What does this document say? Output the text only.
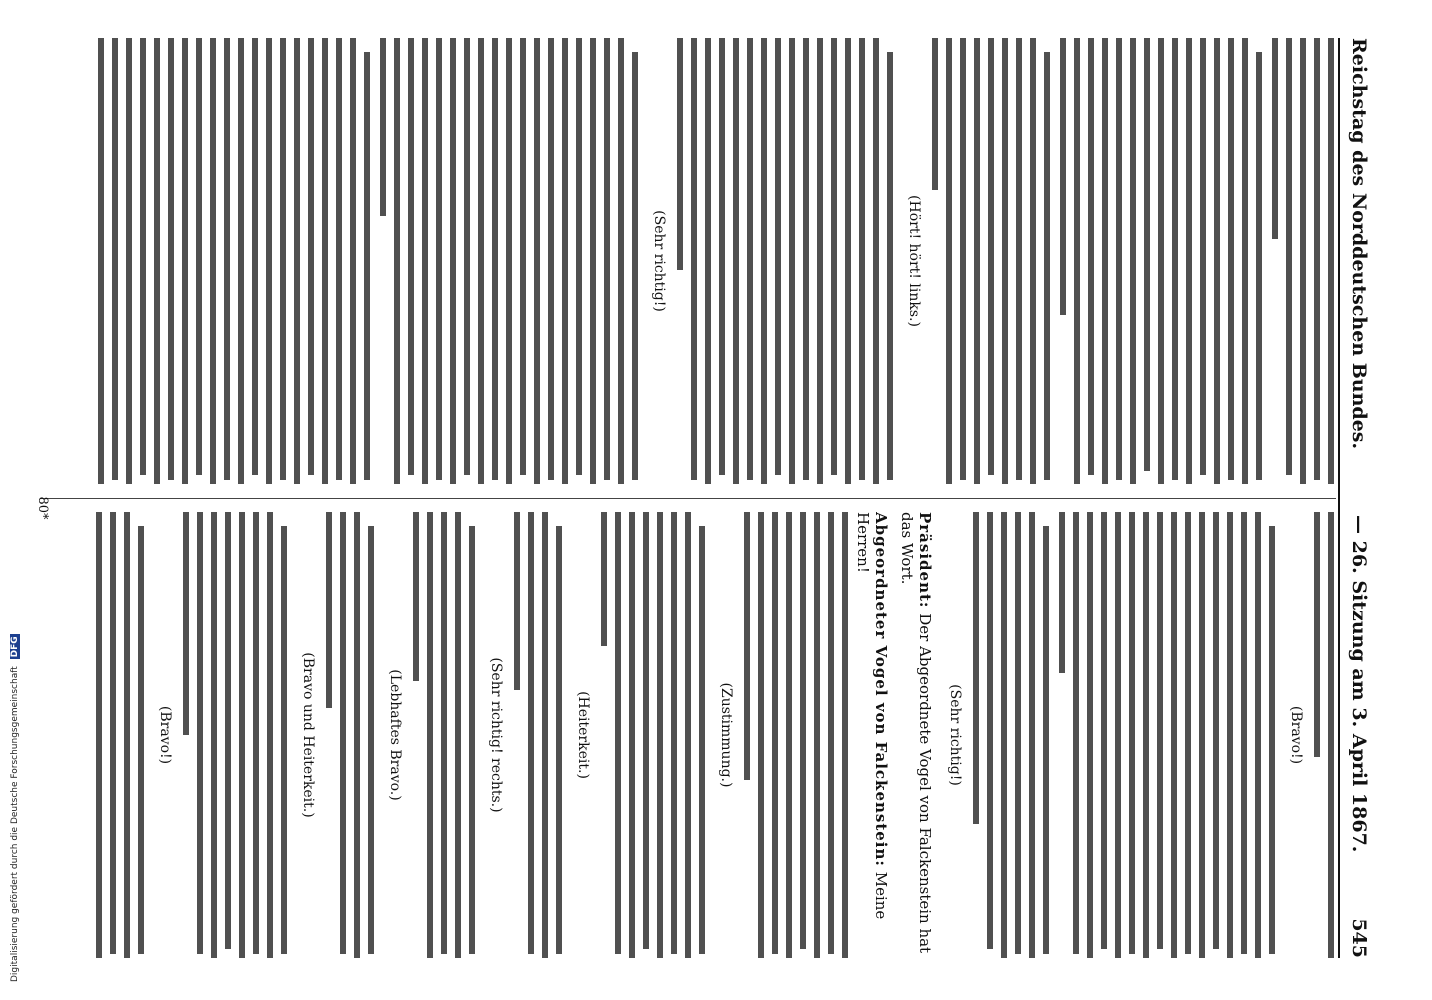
Reichstag des Norddeutschen Bundes.
— 26. Sitzung am 3. April 1867.
545
(Hört! hört! links.)
(Sehr richtig!)
(Bravo!)
(Sehr richtig!)
Präsident: Der Abgeordnete Vogel von Falckenstein hat das Wort.
Abgeordneter Vogel von Falckenstein: Meine Herren!
(Zustimmung.)
(Heiterkeit.)
(Sehr richtig! rechts.)
(Lebhaftes Bravo.)
(Bravo und Heiterkeit.)
(Bravo!)
80*
Digitalisierung gefördert durch die Deutsche Forschungsgemeinschaft DFG
